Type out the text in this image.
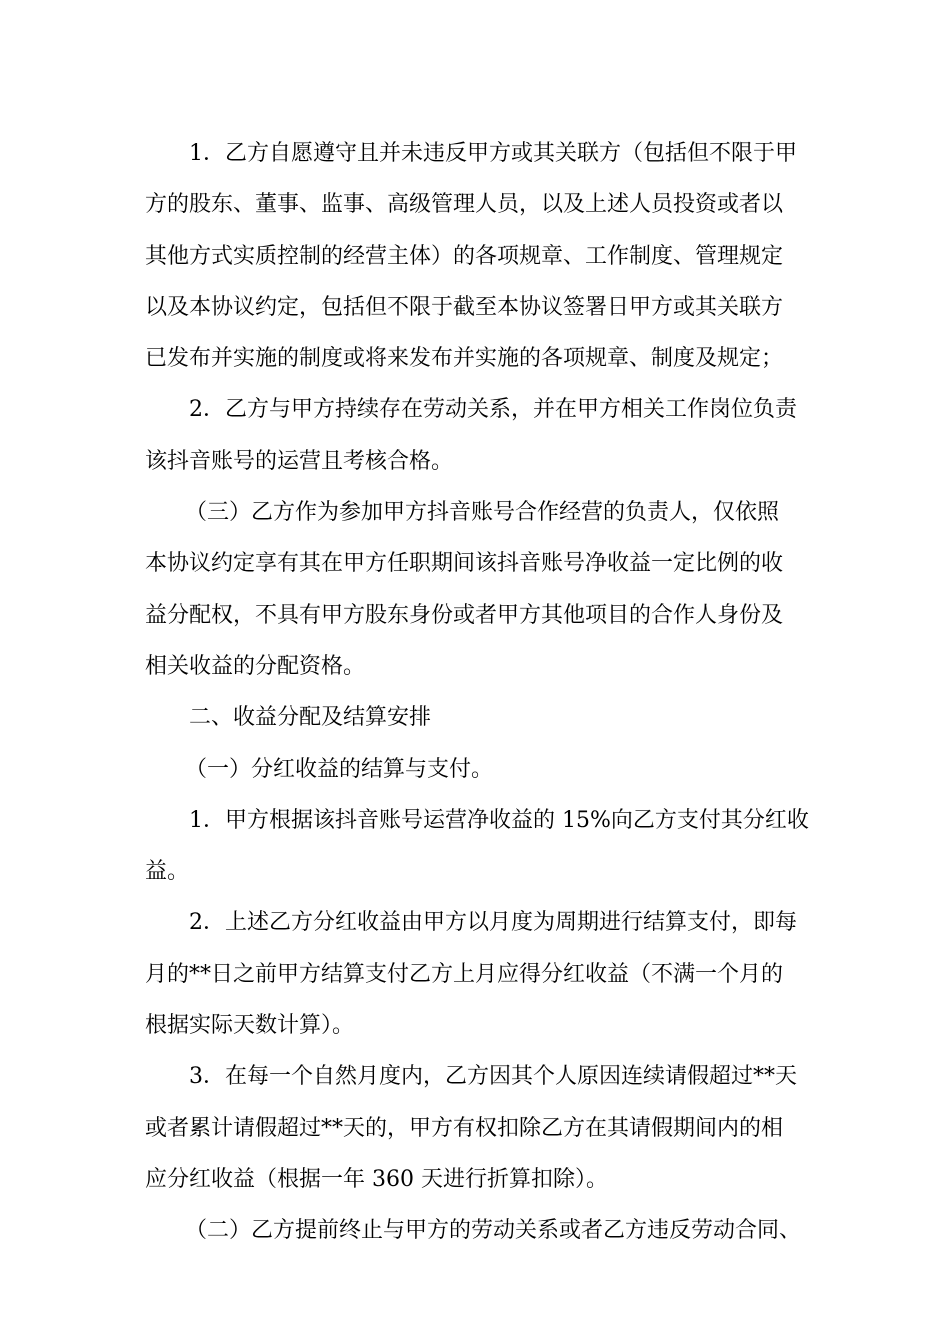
1．乙方自愿遵守且并未违反甲方或其关联方（包括但不限于甲
方的股东、董事、监事、高级管理人员，以及上述人员投资或者以
其他方式实质控制的经营主体）的各项规章、工作制度、管理规定
以及本协议约定，包括但不限于截至本协议签署日甲方或其关联方
已发布并实施的制度或将来发布并实施的各项规章、制度及规定；

2．乙方与甲方持续存在劳动关系，并在甲方相关工作岗位负责
该抖音账号的运营且考核合格。

（三）乙方作为参加甲方抖音账号合作经营的负责人，仅依照
本协议约定享有其在甲方任职期间该抖音账号净收益一定比例的收
益分配权，不具有甲方股东身份或者甲方其他项目的合作人身份及
相关收益的分配资格。

二、收益分配及结算安排

（一）分红收益的结算与支付。

1．甲方根据该抖音账号运营净收益的 15%向乙方支付其分红收
益。

2．上述乙方分红收益由甲方以月度为周期进行结算支付，即每
月的**日之前甲方结算支付乙方上月应得分红收益（不满一个月的
根据实际天数计算）。

3．在每一个自然月度内，乙方因其个人原因连续请假超过**天
或者累计请假超过**天的，甲方有权扣除乙方在其请假期间内的相
应分红收益（根据一年 360 天进行折算扣除）。

（二）乙方提前终止与甲方的劳动关系或者乙方违反劳动合同、
